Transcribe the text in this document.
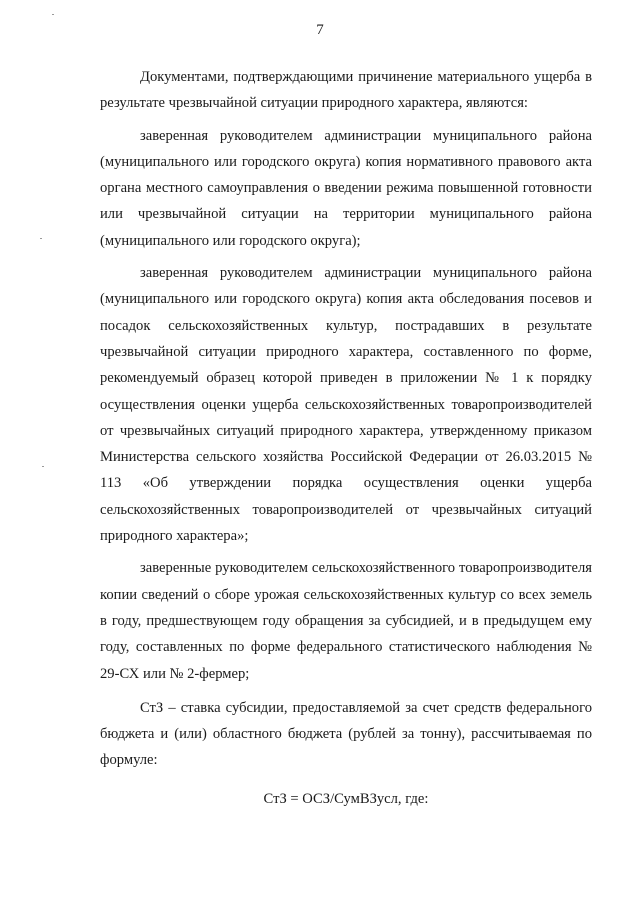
7

Документами, подтверждающими причинение материального ущерба в результате чрезвычайной ситуации природного характера, являются:

заверенная руководителем администрации муниципального района (муниципального или городского округа) копия нормативного правового акта органа местного самоуправления о введении режима повышенной готовности или чрезвычайной ситуации на территории муниципального района (муниципального или городского округа);

заверенная руководителем администрации муниципального района (муниципального или городского округа) копия акта обследования посевов и посадок сельскохозяйственных культур, пострадавших в результате чрезвычайной ситуации природного характера, составленного по форме, рекомендуемый образец которой приведен в приложении № 1 к порядку осуществления оценки ущерба сельскохозяйственных товаропроизводителей от чрезвычайных ситуаций природного характера, утвержденному приказом Министерства сельского хозяйства Российской Федерации от 26.03.2015 № 113 «Об утверждении порядка осуществления оценки ущерба сельскохозяйственных товаропроизводителей от чрезвычайных ситуаций природного характера»;

заверенные руководителем сельскохозяйственного товаропроизводителя копии сведений о сборе урожая сельскохозяйственных культур со всех земель в году, предшествующем году обращения за субсидией, и в предыдущем ему году, составленных по форме федерального статистического наблюдения № 29-СХ или № 2-фермер;

СтЗ – ставка субсидии, предоставляемой за счет средств федерального бюджета и (или) областного бюджета (рублей за тонну), рассчитываемая по формуле:

СтЗ = ОСЗ/СумВЗусл, где:
